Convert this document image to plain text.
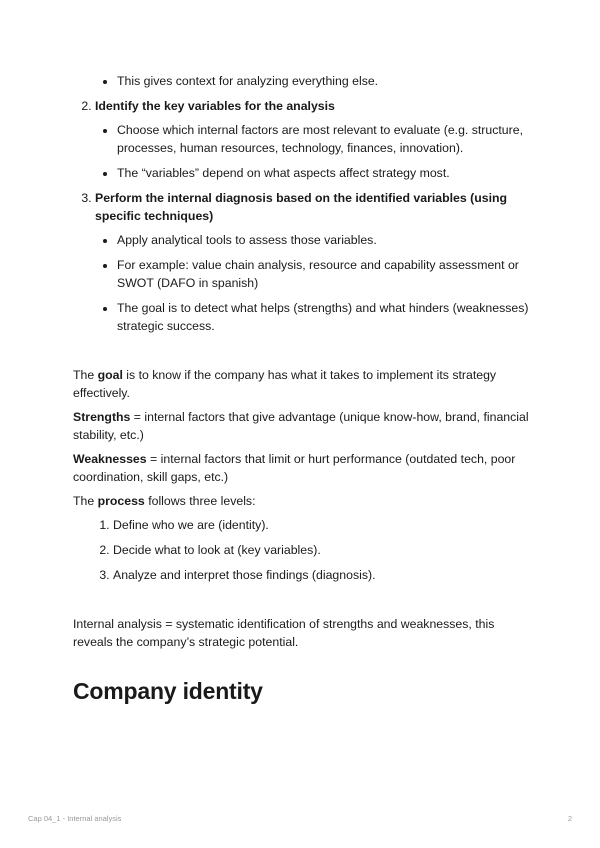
• This gives context for analyzing everything else.
2. Identify the key variables for the analysis
• Choose which internal factors are most relevant to evaluate (e.g. structure, processes, human resources, technology, finances, innovation).
• The “variables” depend on what aspects affect strategy most.
3. Perform the internal diagnosis based on the identified variables (using specific techniques)
• Apply analytical tools to assess those variables.
• For example: value chain analysis, resource and capability assessment or SWOT (DAFO in spanish)
• The goal is to detect what helps (strengths) and what hinders (weaknesses) strategic success.

The goal is to know if the company has what it takes to implement its strategy effectively.

Strengths = internal factors that give advantage (unique know-how, brand, financial stability, etc.)

Weaknesses = internal factors that limit or hurt performance (outdated tech, poor coordination, skill gaps, etc.)

The process follows three levels:

1. Define who we are (identity).
2. Decide what to look at (key variables).
3. Analyze and interpret those findings (diagnosis).

Internal analysis = systematic identification of strengths and weaknesses, this reveals the company’s strategic potential.

Company identity
Cap 04_1 - Internal analysis	2
